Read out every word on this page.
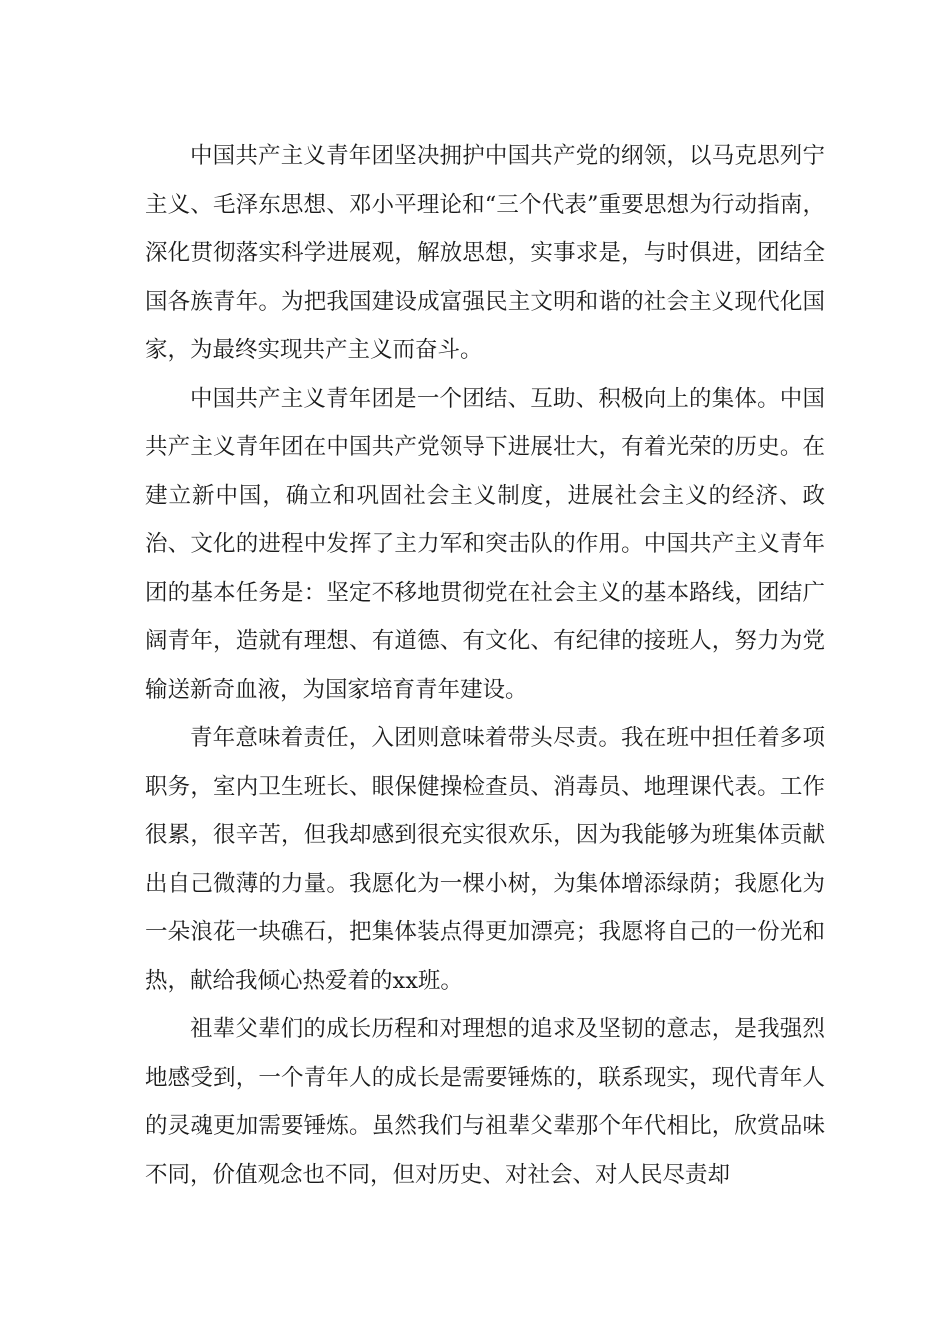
中国共产主义青年团坚决拥护中国共产党的纲领，以马克思列宁主义、毛泽东思想、邓小平理论和“三个代表”重要思想为行动指南，深化贯彻落实科学进展观，解放思想，实事求是，与时俱进，团结全国各族青年。为把我国建设成富强民主文明和谐的社会主义现代化国家，为最终实现共产主义而奋斗。

中国共产主义青年团是一个团结、互助、积极向上的集体。中国共产主义青年团在中国共产党领导下进展壮大，有着光荣的历史。在建立新中国，确立和巩固社会主义制度，进展社会主义的经济、政治、文化的进程中发挥了主力军和突击队的作用。中国共产主义青年团的基本任务是：坚定不移地贯彻党在社会主义的基本路线，团结广阔青年，造就有理想、有道德、有文化、有纪律的接班人，努力为党输送新奇血液，为国家培育青年建设。

青年意味着责任，入团则意味着带头尽责。我在班中担任着多项职务，室内卫生班长、眼保健操检查员、消毒员、地理课代表。工作很累，很辛苦，但我却感到很充实很欢乐，因为我能够为班集体贡献出自己微薄的力量。我愿化为一棵小树，为集体增添绿荫；我愿化为一朵浪花一块礁石，把集体装点得更加漂亮；我愿将自己的一份光和热，献给我倾心热爱着的xx班。

祖辈父辈们的成长历程和对理想的追求及坚韧的意志，是我强烈地感受到，一个青年人的成长是需要锤炼的，联系现实，现代青年人的灵魂更加需要锤炼。虽然我们与祖辈父辈那个年代相比，欣赏品味不同，价值观念也不同，但对历史、对社会、对人民尽责却
